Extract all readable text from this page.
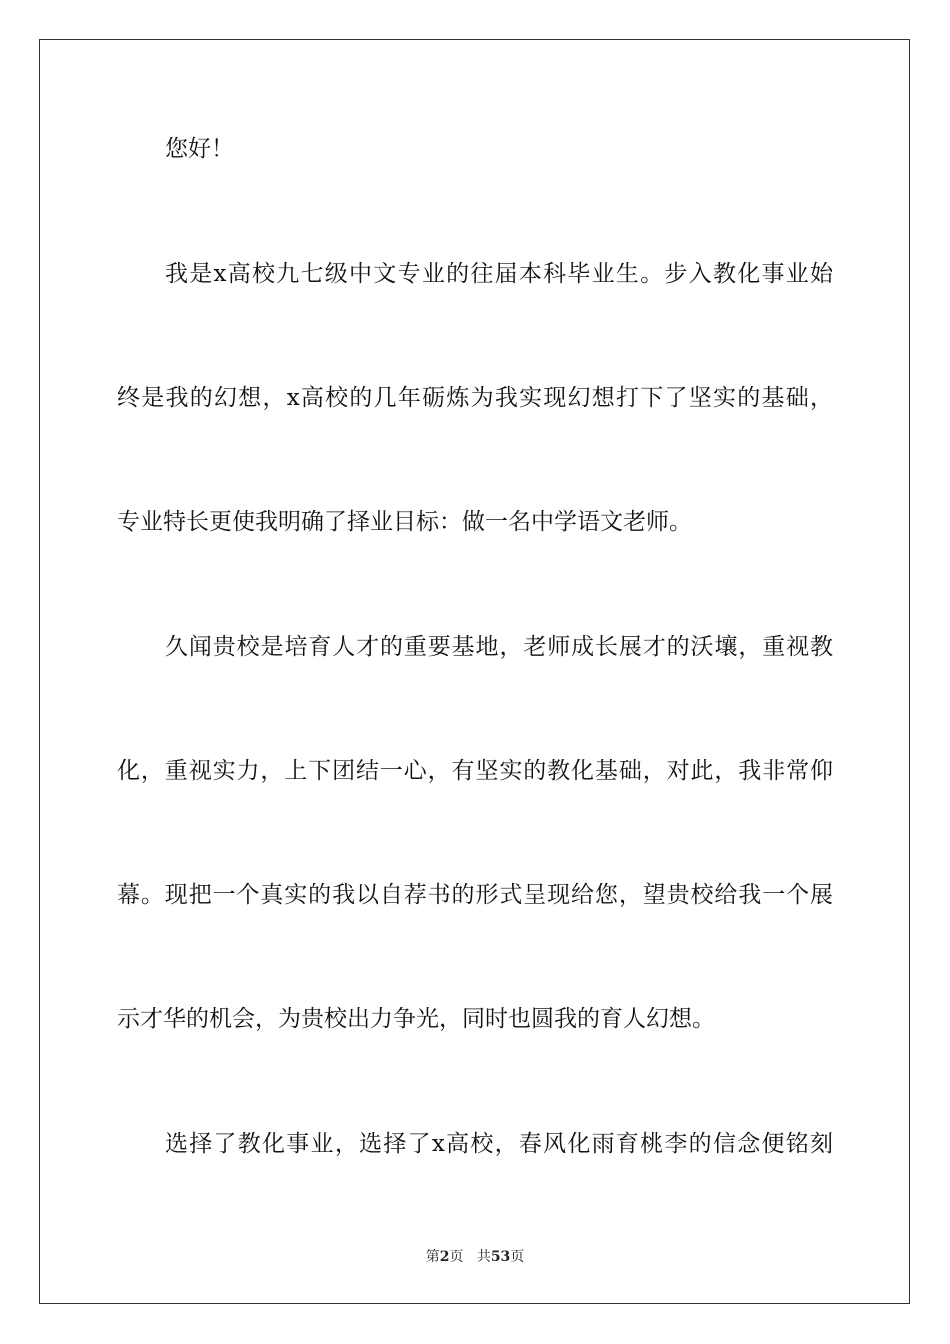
您好！
我是x高校九七级中文专业的往届本科毕业生。步入教化事业始
终是我的幻想，x高校的几年砺炼为我实现幻想打下了坚实的基础，
专业特长更使我明确了择业目标：做一名中学语文老师。
久闻贵校是培育人才的重要基地，老师成长展才的沃壤，重视教
化，重视实力，上下团结一心，有坚实的教化基础，对此，我非常仰
幕。现把一个真实的我以自荐书的形式呈现给您，望贵校给我一个展
示才华的机会，为贵校出力争光，同时也圆我的育人幻想。
选择了教化事业，选择了x高校，春风化雨育桃李的信念便铭刻
第2页 共53页
